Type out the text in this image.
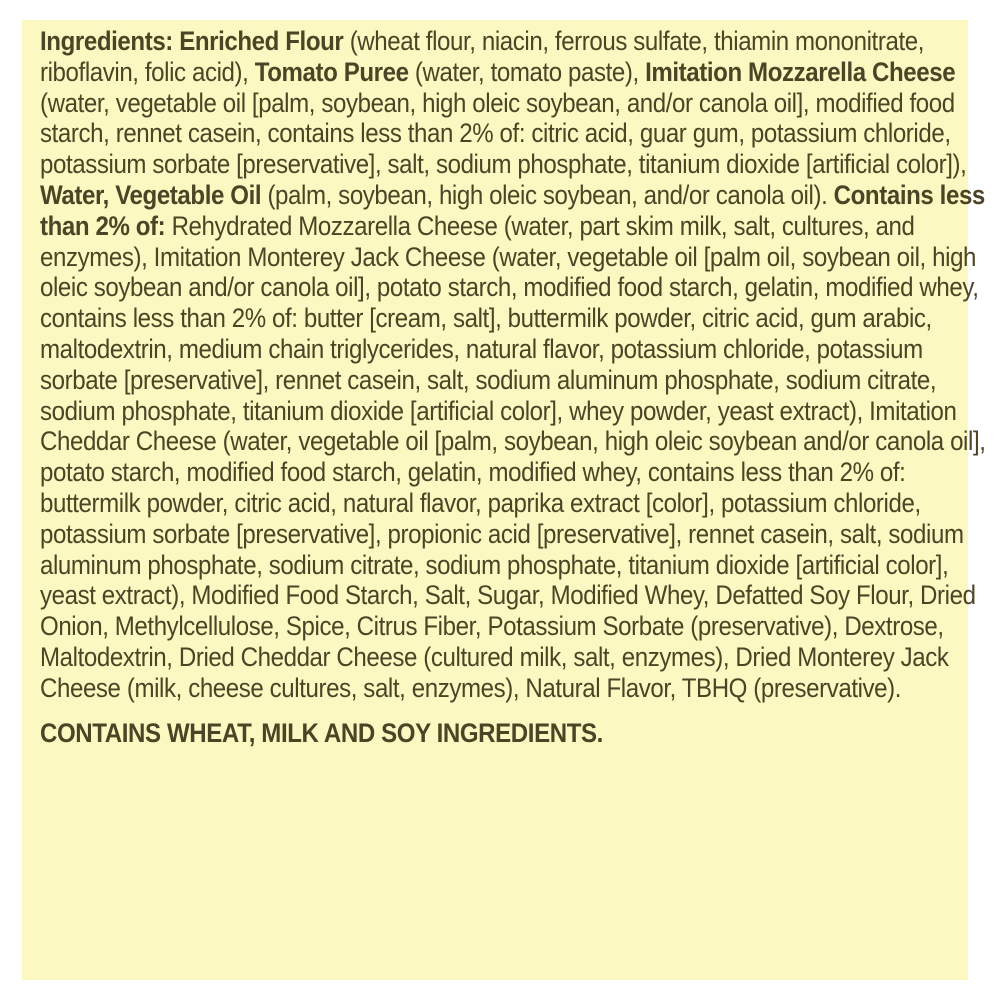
Ingredients: Enriched Flour (wheat flour, niacin, ferrous sulfate, thiamin mononitrate, riboflavin, folic acid), Tomato Puree (water, tomato paste), Imitation Mozzarella Cheese (water, vegetable oil [palm, soybean, high oleic soybean, and/or canola oil], modified food starch, rennet casein, contains less than 2% of: citric acid, guar gum, potassium chloride, potassium sorbate [preservative], salt, sodium phosphate, titanium dioxide [artificial color]), Water, Vegetable Oil (palm, soybean, high oleic soybean, and/or canola oil). Contains less than 2% of: Rehydrated Mozzarella Cheese (water, part skim milk, salt, cultures, and enzymes), Imitation Monterey Jack Cheese (water, vegetable oil [palm oil, soybean oil, high oleic soybean and/or canola oil], potato starch, modified food starch, gelatin, modified whey, contains less than 2% of: butter [cream, salt], buttermilk powder, citric acid, gum arabic, maltodextrin, medium chain triglycerides, natural flavor, potassium chloride, potassium sorbate [preservative], rennet casein, salt, sodium aluminum phosphate, sodium citrate, sodium phosphate, titanium dioxide [artificial color], whey powder, yeast extract), Imitation Cheddar Cheese (water, vegetable oil [palm, soybean, high oleic soybean and/or canola oil], potato starch, modified food starch, gelatin, modified whey, contains less than 2% of: buttermilk powder, citric acid, natural flavor, paprika extract [color], potassium chloride, potassium sorbate [preservative], propionic acid [preservative], rennet casein, salt, sodium aluminum phosphate, sodium citrate, sodium phosphate, titanium dioxide [artificial color], yeast extract), Modified Food Starch, Salt, Sugar, Modified Whey, Defatted Soy Flour, Dried Onion, Methylcellulose, Spice, Citrus Fiber, Potassium Sorbate (preservative), Dextrose, Maltodextrin, Dried Cheddar Cheese (cultured milk, salt, enzymes), Dried Monterey Jack Cheese (milk, cheese cultures, salt, enzymes), Natural Flavor, TBHQ (preservative).

CONTAINS WHEAT, MILK AND SOY INGREDIENTS.
